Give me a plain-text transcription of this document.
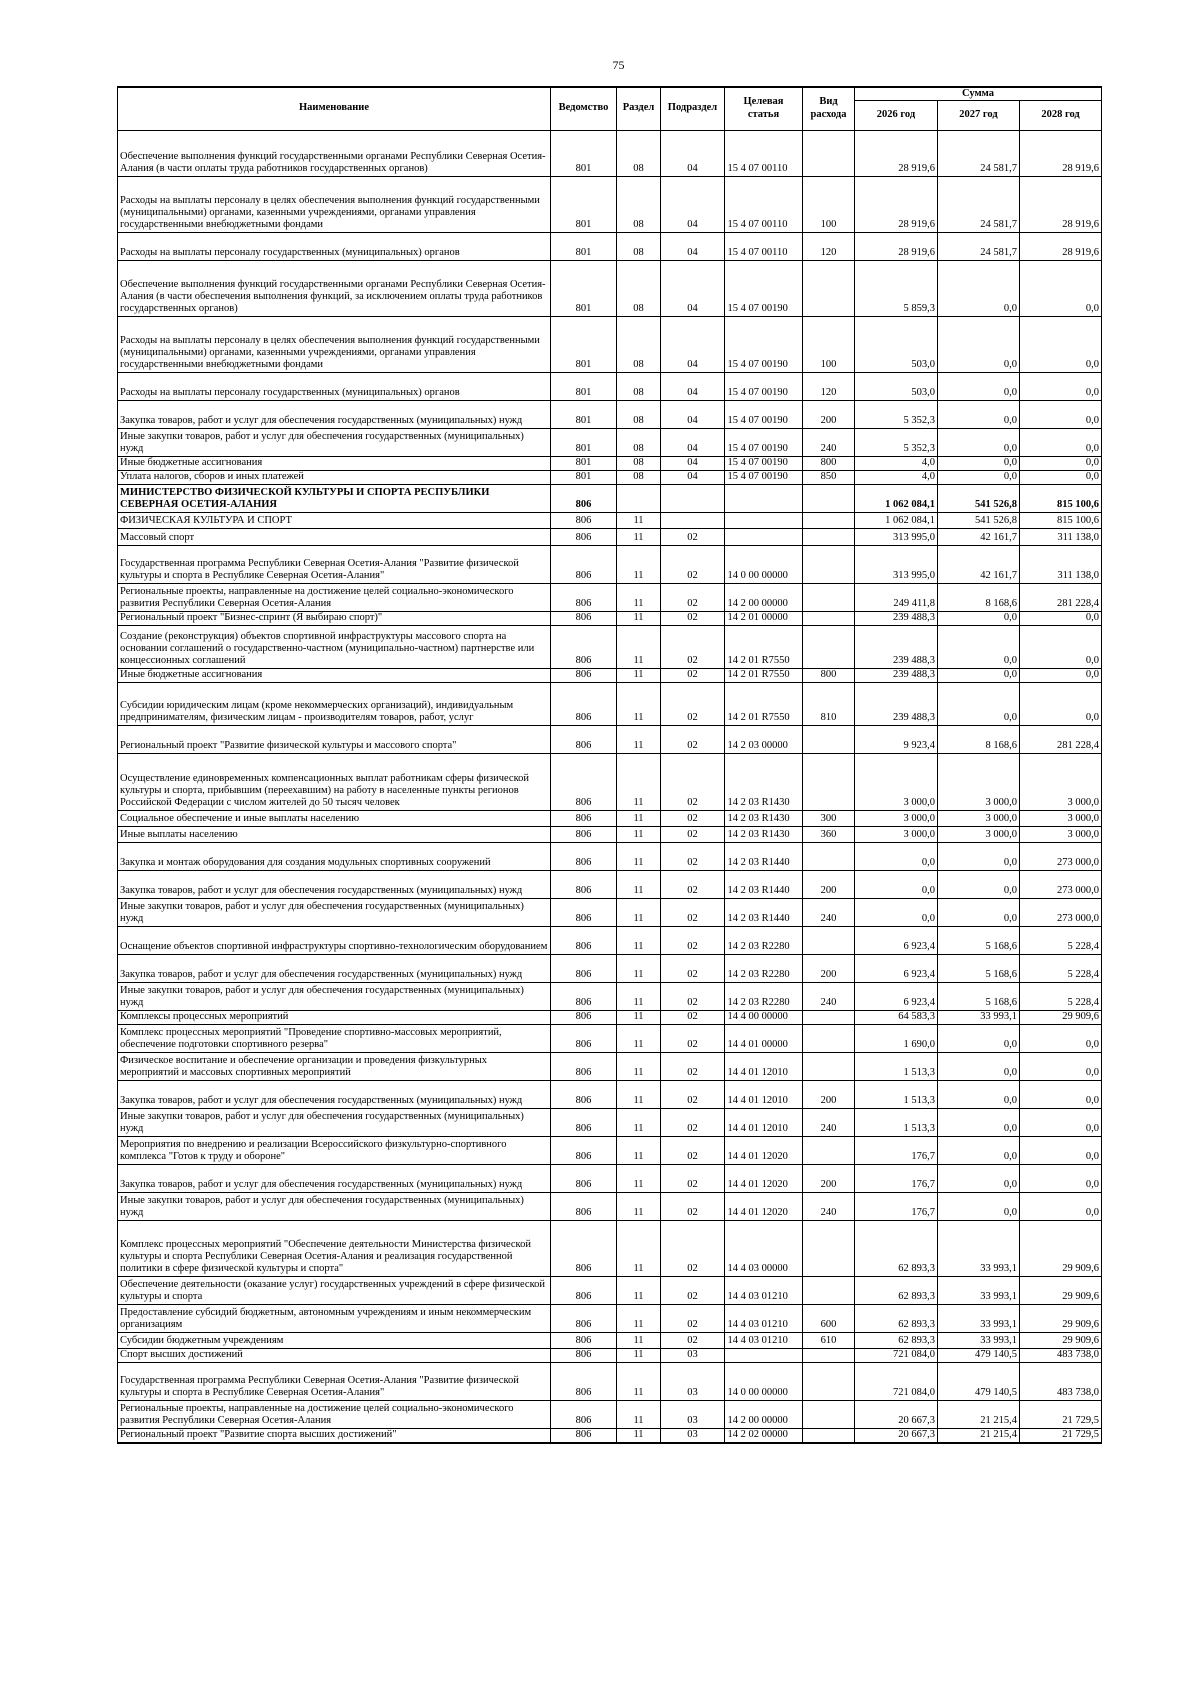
75
Наименование	Ведомство	Раздел	Подраздел	Целевая статья	Вид расхода	Сумма		
						2026 год	2027 год	2028 год
Обеспечение выполнения функций государственными органами Республики Северная Осетия-Алания (в части оплаты труда работников государственных органов)	801	08	04	15 4 07 00110		28 919,6	24 581,7	28 919,6
Расходы на выплаты персоналу в целях обеспечения выполнения функций государственными (муниципальными) органами, казенными учреждениями, органами управления государственными внебюджетными фондами	801	08	04	15 4 07 00110	100	28 919,6	24 581,7	28 919,6
Расходы на выплаты персоналу государственных (муниципальных) органов	801	08	04	15 4 07 00110	120	28 919,6	24 581,7	28 919,6
Обеспечение выполнения функций государственными органами Республики Северная Осетия-Алания (в части обеспечения выполнения функций, за исключением оплаты труда работников государственных органов)	801	08	04	15 4 07 00190		5 859,3	0,0	0,0
Расходы на выплаты персоналу в целях обеспечения выполнения функций государственными (муниципальными) органами, казенными учреждениями, органами управления государственными внебюджетными фондами	801	08	04	15 4 07 00190	100	503,0	0,0	0,0
Расходы на выплаты персоналу государственных (муниципальных) органов	801	08	04	15 4 07 00190	120	503,0	0,0	0,0
Закупка товаров, работ и услуг для обеспечения государственных (муниципальных) нужд	801	08	04	15 4 07 00190	200	5 352,3	0,0	0,0
Иные закупки товаров, работ и услуг для обеспечения государственных (муниципальных) нужд	801	08	04	15 4 07 00190	240	5 352,3	0,0	0,0
Иные бюджетные ассигнования	801	08	04	15 4 07 00190	800	4,0	0,0	0,0
Уплата налогов, сборов и иных платежей	801	08	04	15 4 07 00190	850	4,0	0,0	0,0
МИНИСТЕРСТВО ФИЗИЧЕСКОЙ КУЛЬТУРЫ И СПОРТА РЕСПУБЛИКИ СЕВЕРНАЯ ОСЕТИЯ-АЛАНИЯ	806					1 062 084,1	541 526,8	815 100,6
ФИЗИЧЕСКАЯ КУЛЬТУРА И СПОРТ	806	11				1 062 084,1	541 526,8	815 100,6
Массовый спорт	806	11	02			313 995,0	42 161,7	311 138,0
Государственная программа Республики Северная Осетия-Алания "Развитие физической культуры и спорта в Республике Северная Осетия-Алания"	806	11	02	14 0 00 00000		313 995,0	42 161,7	311 138,0
Региональные проекты, направленные на достижение целей социально-экономического развития Республики Северная Осетия-Алания	806	11	02	14 2 00 00000		249 411,8	8 168,6	281 228,4
Региональный проект "Бизнес-спринт (Я выбираю спорт)"	806	11	02	14 2 01 00000		239 488,3	0,0	0,0
Создание (реконструкция) объектов спортивной инфраструктуры массового спорта на основании соглашений о государственно-частном (муниципально-частном) партнерстве или концессионных соглашений	806	11	02	14 2 01 R7550		239 488,3	0,0	0,0
Иные бюджетные ассигнования	806	11	02	14 2 01 R7550	800	239 488,3	0,0	0,0
Субсидии юридическим лицам (кроме некоммерческих организаций), индивидуальным предпринимателям, физическим лицам - производителям товаров, работ, услуг	806	11	02	14 2 01 R7550	810	239 488,3	0,0	0,0
Региональный проект "Развитие физической культуры и массового спорта"	806	11	02	14 2 03 00000		9 923,4	8 168,6	281 228,4
Осуществление единовременных компенсационных выплат работникам сферы физической культуры и спорта, прибывшим (переехавшим) на работу в населенные пункты регионов Российской Федерации с числом жителей до 50 тысяч человек	806	11	02	14 2 03 R1430		3 000,0	3 000,0	3 000,0
Социальное обеспечение и иные выплаты населению	806	11	02	14 2 03 R1430	300	3 000,0	3 000,0	3 000,0
Иные выплаты населению	806	11	02	14 2 03 R1430	360	3 000,0	3 000,0	3 000,0
Закупка и монтаж оборудования для создания модульных спортивных сооружений	806	11	02	14 2 03 R1440		0,0	0,0	273 000,0
Закупка товаров, работ и услуг для обеспечения государственных (муниципальных) нужд	806	11	02	14 2 03 R1440	200	0,0	0,0	273 000,0
Иные закупки товаров, работ и услуг для обеспечения государственных (муниципальных) нужд	806	11	02	14 2 03 R1440	240	0,0	0,0	273 000,0
Оснащение объектов спортивной инфраструктуры спортивно-технологическим оборудованием	806	11	02	14 2 03 R2280		6 923,4	5 168,6	5 228,4
Закупка товаров, работ и услуг для обеспечения государственных (муниципальных) нужд	806	11	02	14 2 03 R2280	200	6 923,4	5 168,6	5 228,4
Иные закупки товаров, работ и услуг для обеспечения государственных (муниципальных) нужд	806	11	02	14 2 03 R2280	240	6 923,4	5 168,6	5 228,4
Комплексы процессных мероприятий	806	11	02	14 4 00 00000		64 583,3	33 993,1	29 909,6
Комплекс процессных мероприятий "Проведение спортивно-массовых мероприятий, обеспечение подготовки спортивного резерва"	806	11	02	14 4 01 00000		1 690,0	0,0	0,0
Физическое воспитание и обеспечение организации и проведения физкультурных мероприятий и массовых спортивных мероприятий	806	11	02	14 4 01 12010		1 513,3	0,0	0,0
Закупка товаров, работ и услуг для обеспечения государственных (муниципальных) нужд	806	11	02	14 4 01 12010	200	1 513,3	0,0	0,0
Иные закупки товаров, работ и услуг для обеспечения государственных (муниципальных) нужд	806	11	02	14 4 01 12010	240	1 513,3	0,0	0,0
Мероприятия по внедрению и реализации Всероссийского физкультурно-спортивного комплекса "Готов к труду и обороне"	806	11	02	14 4 01 12020		176,7	0,0	0,0
Закупка товаров, работ и услуг для обеспечения государственных (муниципальных) нужд	806	11	02	14 4 01 12020	200	176,7	0,0	0,0
Иные закупки товаров, работ и услуг для обеспечения государственных (муниципальных) нужд	806	11	02	14 4 01 12020	240	176,7	0,0	0,0
Комплекс процессных мероприятий "Обеспечение деятельности Министерства физической культуры и спорта Республики Северная Осетия-Алания и реализация государственной политики в сфере физической культуры и спорта"	806	11	02	14 4 03 00000		62 893,3	33 993,1	29 909,6
Обеспечение деятельности (оказание услуг) государственных учреждений в сфере физической культуры и спорта	806	11	02	14 4 03 01210		62 893,3	33 993,1	29 909,6
Предоставление субсидий бюджетным, автономным учреждениям и иным некоммерческим организациям	806	11	02	14 4 03 01210	600	62 893,3	33 993,1	29 909,6
Субсидии бюджетным учреждениям	806	11	02	14 4 03 01210	610	62 893,3	33 993,1	29 909,6
Спорт высших достижений	806	11	03			721 084,0	479 140,5	483 738,0
Государственная программа Республики Северная Осетия-Алания "Развитие физической культуры и спорта в Республике Северная Осетия-Алания"	806	11	03	14 0 00 00000		721 084,0	479 140,5	483 738,0
Региональные проекты, направленные на достижение целей социально-экономического развития Республики Северная Осетия-Алания	806	11	03	14 2 00 00000		20 667,3	21 215,4	21 729,5
Региональный проект "Развитие спорта высших достижений"	806	11	03	14 2 02 00000		20 667,3	21 215,4	21 729,5
